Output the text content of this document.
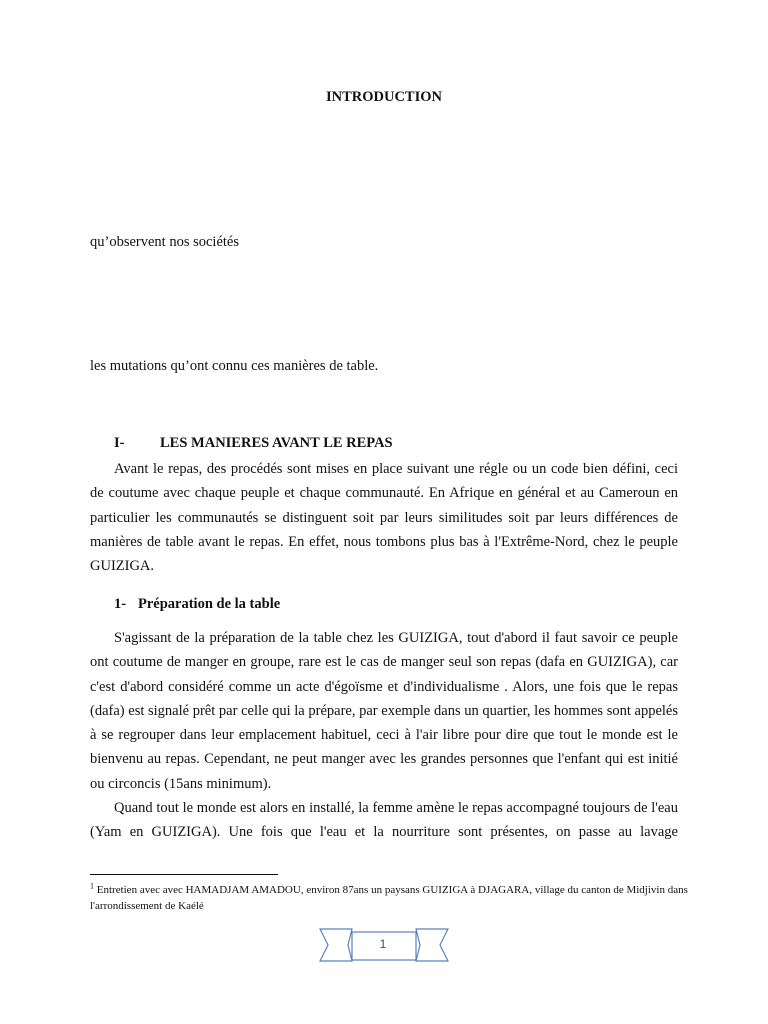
INTRODUCTION
qu’observent nos sociétés
les mutations qu’ont connu ces manières de table.
I- LES MANIERES AVANT LE REPAS

Avant le repas, des procédés sont mises en place suivant une régle ou un code bien défini, ceci de coutume avec chaque peuple et chaque communauté. En Afrique en général et au Cameroun en particulier les communautés se distinguent soit par leurs similitudes soit par leurs différences de manières de table avant le repas. En effet, nous tombons plus bas à l'Extrême-Nord, chez le peuple GUIZIGA.

1- Préparation de la table

S'agissant de la préparation de la table chez les GUIZIGA, tout d'abord il faut savoir ce peuple ont coutume de manger en groupe, rare est le cas de manger seul son repas (dafa en GUIZIGA), car c'est d'abord considéré comme un acte d'égoïsme et d'individualisme . Alors, une fois que le repas (dafa) est signalé prêt par celle qui la prépare, par exemple dans un quartier, les hommes sont appelés à se regrouper dans leur emplacement habituel, ceci à l'air libre pour dire que tout le monde est le bienvenu au repas. Cependant, ne peut manger avec les grandes personnes que l'enfant qui est initié ou circoncis (15ans minimum).

Quand tout le monde est alors en installé, la femme amène le repas accompagné toujours de l'eau (Yam en GUIZIGA). Une fois que l'eau et la nourriture sont présentes, on passe au lavage

$^1$ Entretien avec avec HAMADJAM AMADOU, environ 87ans un paysans GUIZIGA à DJAGARA, village du canton de Midjivin dans l'arrondissement de Kaélé
1
